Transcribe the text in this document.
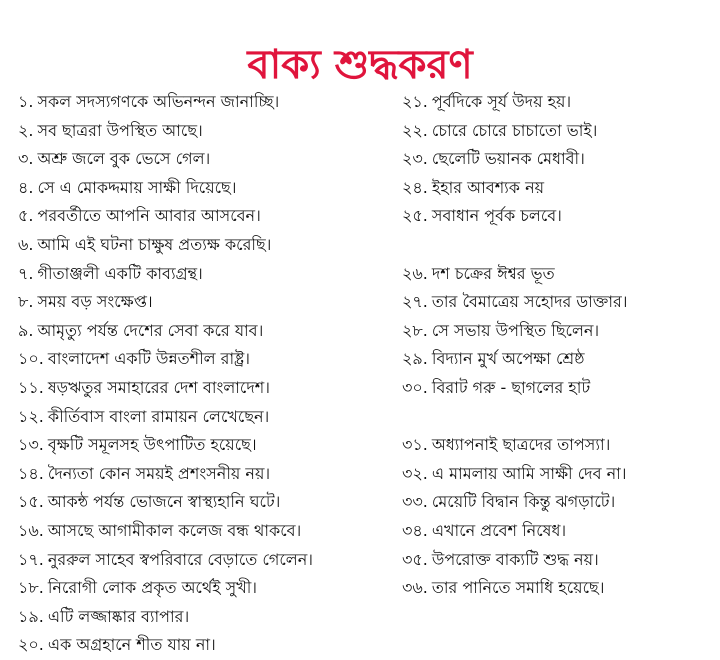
বাক্য শুদ্ধকরণ
১. সকল সদস্যগণকে অভিনন্দন জানাচ্ছি।
২. সব ছাত্ররা উপস্থিত আছে।
৩. অশ্রু জলে বুক ভেসে গেল।
৪. সে এ মোকদ্দমায় সাক্ষী দিয়েছে।
৫. পরবর্তীতে আপনি আবার আসবেন।
৬. আমি এই ঘটনা চাক্ষুষ প্রত্যক্ষ করেছি।
৭. গীতাঞ্জলী একটি কাব্যগ্রন্থ।
৮. সময় বড় সংক্ষেপ্ত।
৯. আমৃত্যু পর্যন্ত দেশের সেবা করে যাব।
১০. বাংলাদেশ একটি উন্নতশীল রাষ্ট্র।
১১. ষড়ঋতুর সমাহারের দেশ বাংলাদেশ।
১২. কীর্তিবাস বাংলা রামায়ন লেখেছেন।
১৩. বৃক্ষটি সমূলসহ উৎপাটিত হয়েছে।
১৪. দৈন্যতা কোন সময়ই প্রশংসনীয় নয়।
১৫. আকন্ঠ পর্যন্ত ভোজনে স্বাস্থ্যহানি ঘটে।
১৬. আসছে আগামীকাল কলেজ বন্ধ থাকবে।
১৭. নুররুল সাহেব স্বপরিবারে বেড়াতে গেলেন।
১৮. নিরোগী লোক প্রকৃত অর্থেই সুখী।
১৯. এটি লজ্জাষ্কার ব্যাপার।
২০. এক অগ্রহানে শীত যায় না।
২১. পূর্বদিকে সূর্য উদয় হয়।
২২. চোরে চোরে চাচাতো ভাই।
২৩. ছেলেটি ভয়ানক মেধাবী।
২৪. ইহার আবশ্যক নয়
২৫. সবাধান পূর্বক চলবে।
২৬. দশ চক্রের ঈশ্বর ভূত
২৭. তার বৈমাত্রেয় সহোদর ডাক্তার।
২৮. সে সভায় উপস্থিত ছিলেন।
২৯. বিদ্যান মুর্খ অপেক্ষা শ্রেষ্ঠ
৩০. বিরাট গরু - ছাগলের হাট
৩১. অধ্যাপনাই ছাত্রদের তাপস্যা।
৩২. এ মামলায় আমি সাক্ষী দেব না।
৩৩. মেয়েটি বিদ্বান কিন্তু ঝগড়াটে।
৩৪. এখানে প্রবেশ নিষেধ।
৩৫. উপরোক্ত বাক্যটি শুদ্ধ নয়।
৩৬. তার পানিতে সমাধি হয়েছে।
